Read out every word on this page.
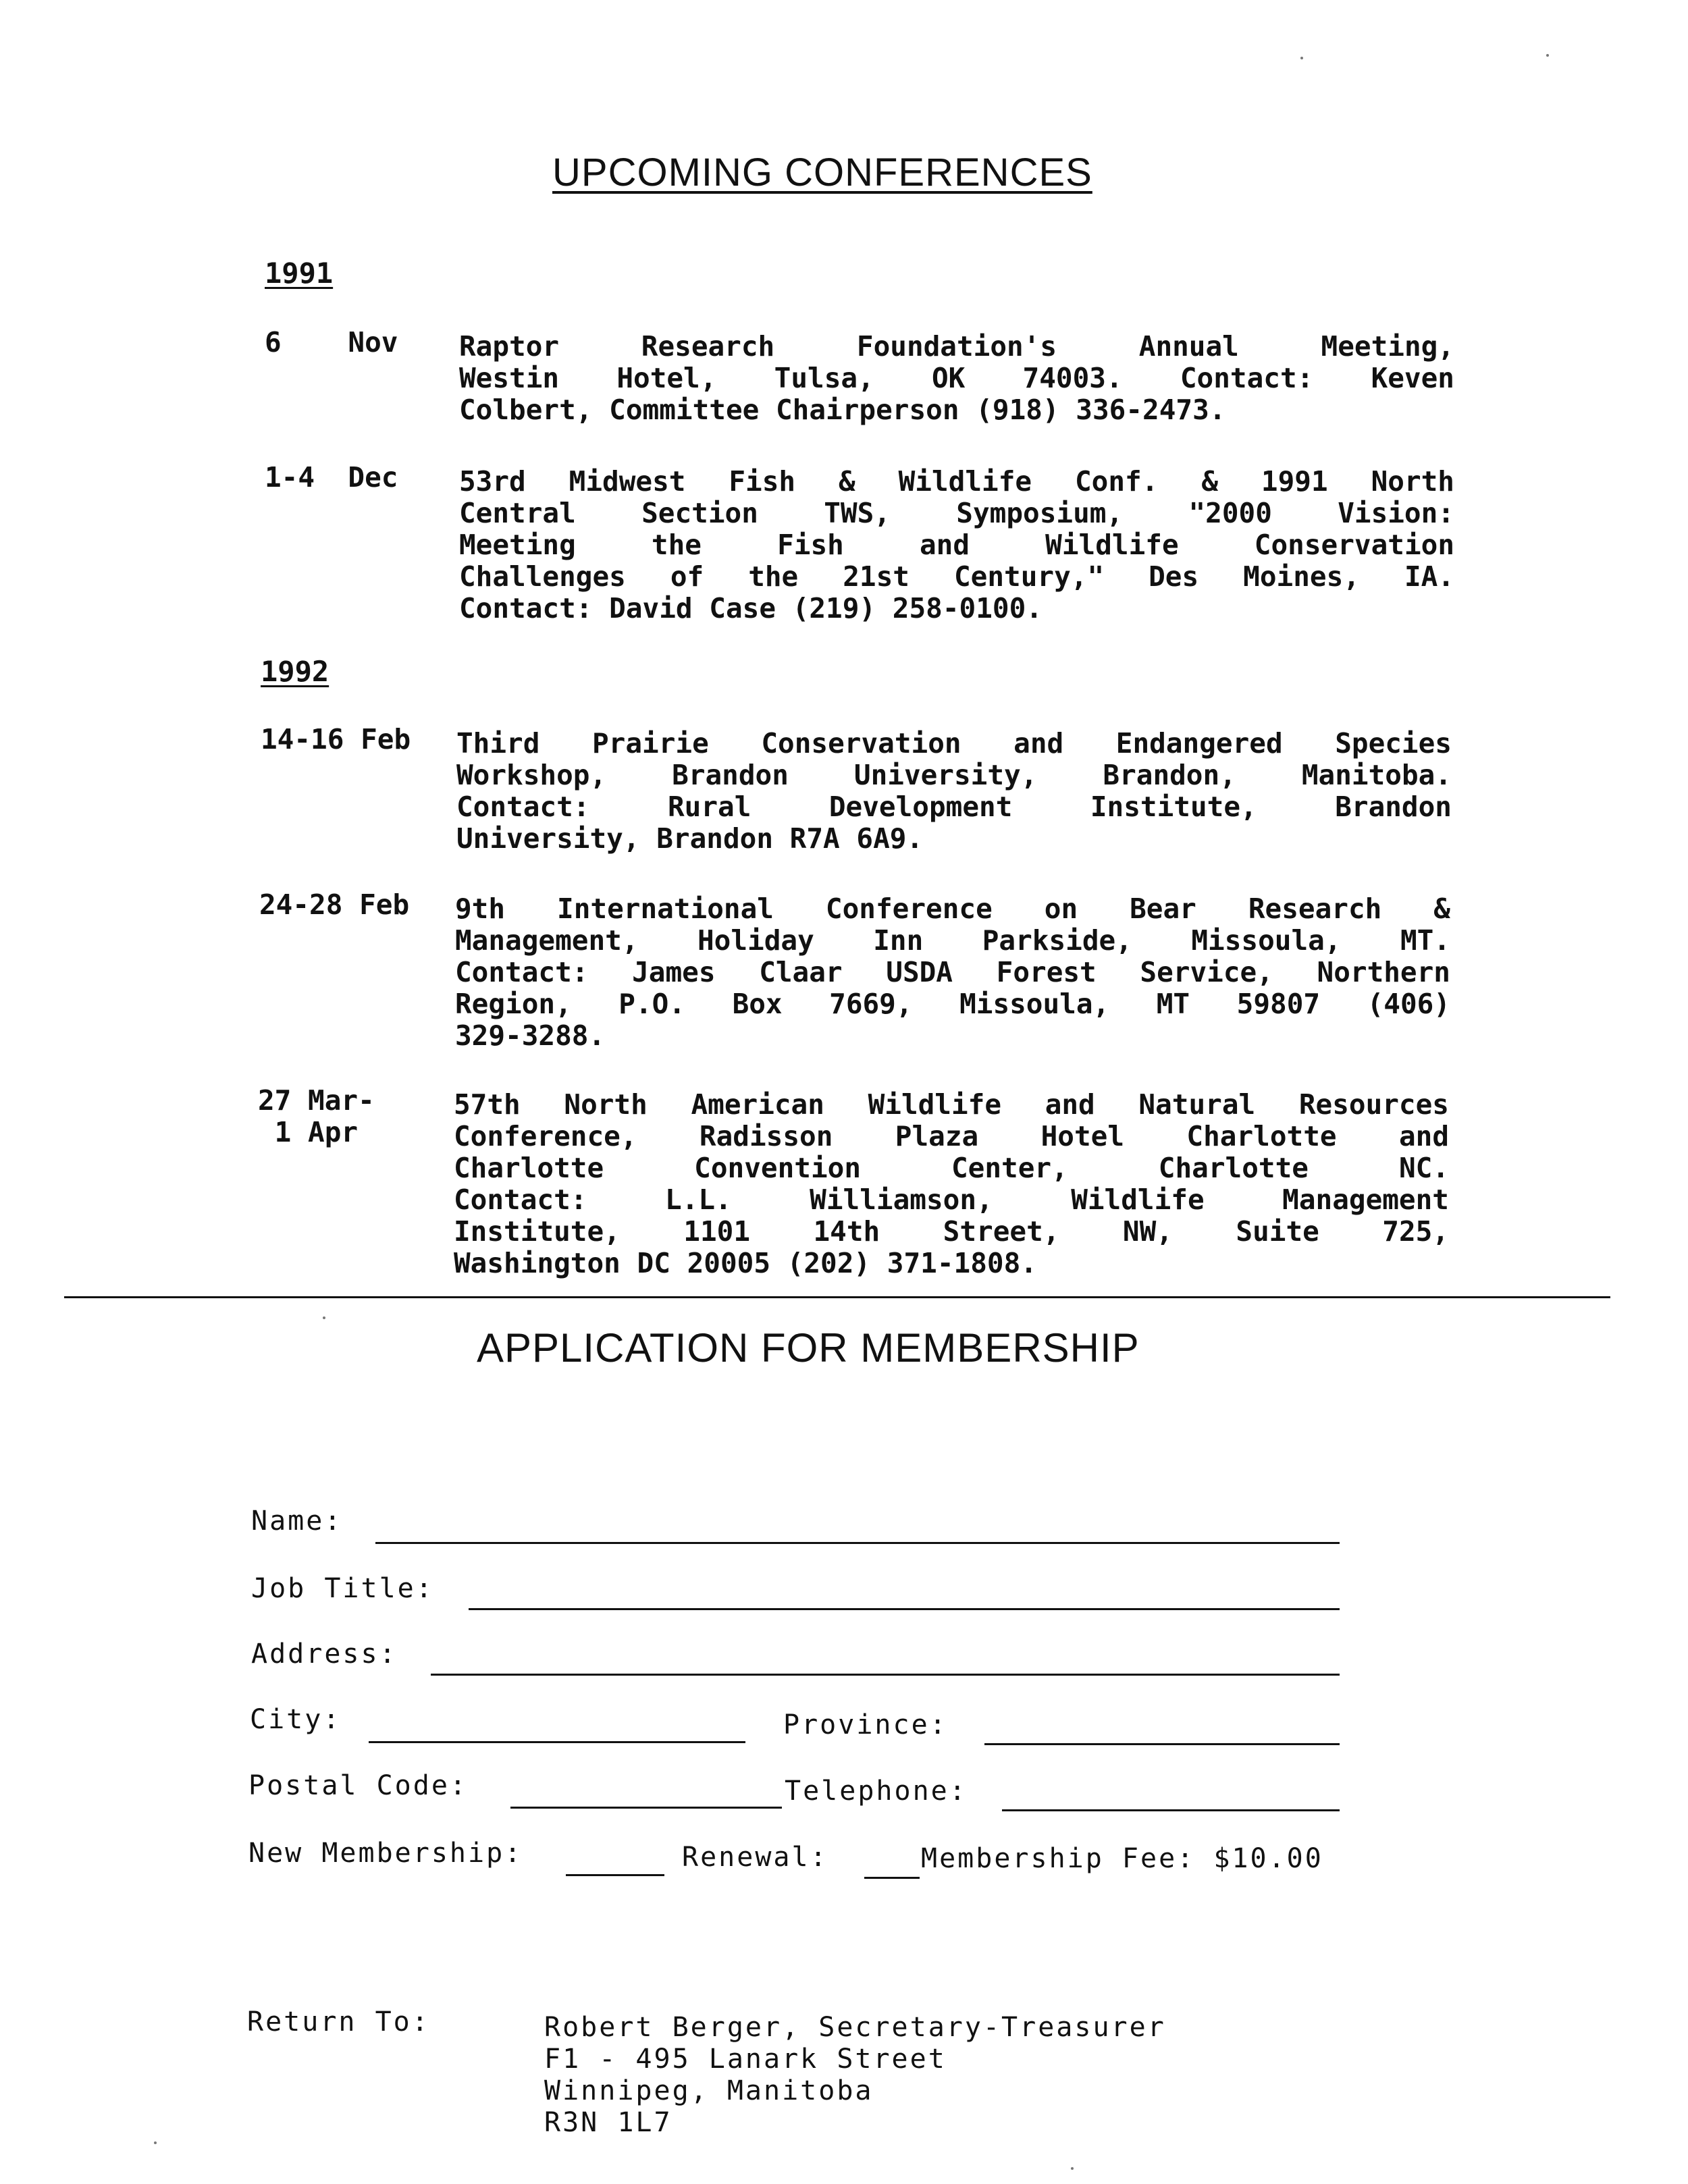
UPCOMING CONFERENCES
1991
6    Nov Raptor Research Foundation's Annual Meeting,
Westin Hotel, Tulsa, OK 74003. Contact: Keven
Colbert, Committee Chairperson (918) 336-2473.
1-4  Dec 53rd Midwest Fish & Wildlife Conf. & 1991 North
Central Section TWS, Symposium, "2000 Vision:
Meeting the Fish and Wildlife Conservation
Challenges of the 21st Century," Des Moines, IA.
Contact: David Case (219) 258-0100.
1992
14-16 Feb Third Prairie Conservation and Endangered Species
Workshop, Brandon University, Brandon, Manitoba.
Contact: Rural Development Institute, Brandon
University, Brandon R7A 6A9.
24-28 Feb 9th International Conference on Bear Research &
Management, Holiday Inn Parkside, Missoula, MT.
Contact: James Claar USDA Forest Service, Northern
Region, P.O. Box 7669, Missoula, MT 59807 (406)
329-3288.
27 Mar-
1 Apr
57th North American Wildlife and Natural Resources
Conference, Radisson Plaza Hotel Charlotte and
Charlotte Convention Center, Charlotte NC.
Contact: L.L. Williamson, Wildlife Management
Institute, 1101 14th Street, NW, Suite 725,
Washington DC 20005 (202) 371-1808.
APPLICATION FOR MEMBERSHIP
Name:
Job Title:
Address:
City:	Province:
Postal Code:	Telephone:
New Membership:	Renewal:	Membership Fee: $10.00
Return To:	Robert Berger, Secretary-Treasurer
F1 - 495 Lanark Street
Winnipeg, Manitoba
R3N 1L7
